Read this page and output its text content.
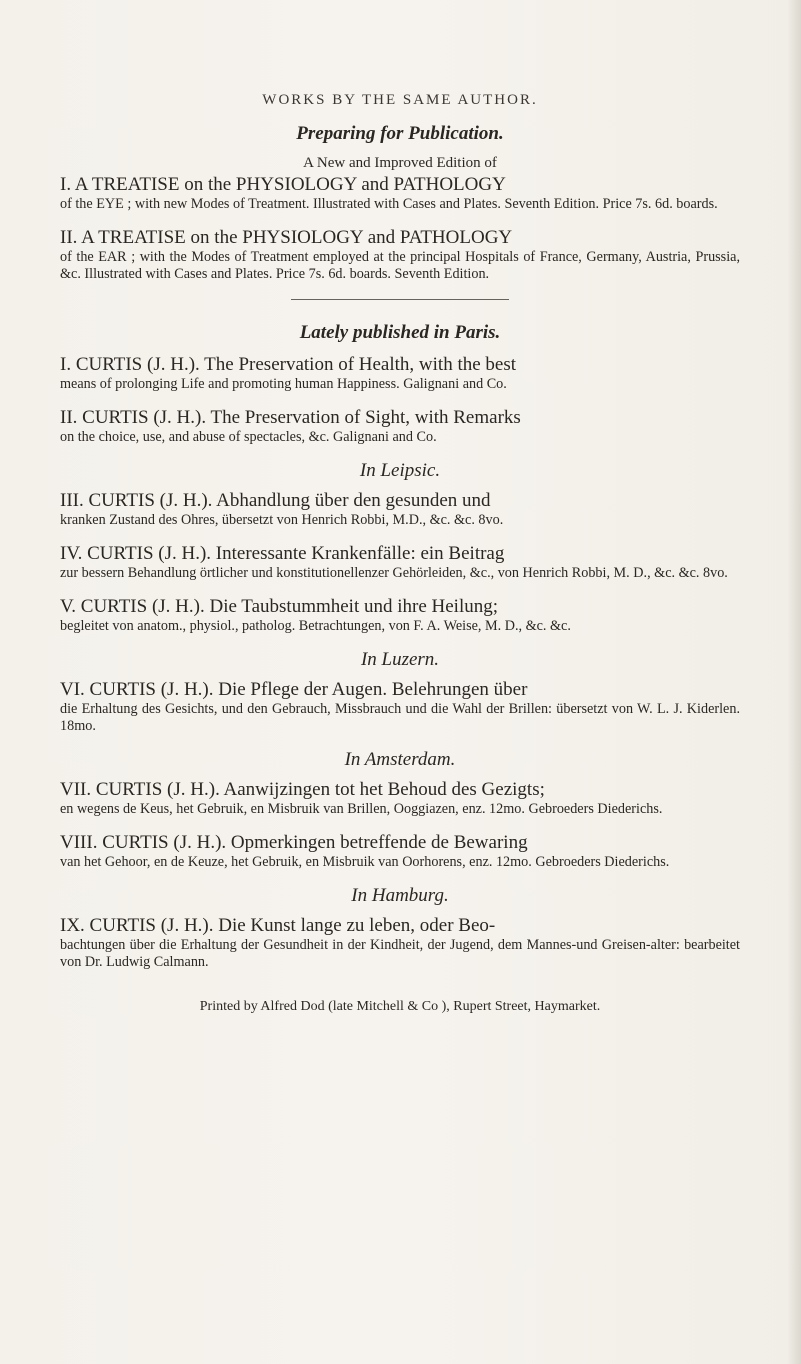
WORKS BY THE SAME AUTHOR.
Preparing for Publication.
A New and Improved Edition of
I. A TREATISE on the PHYSIOLOGY and PATHOLOGY
of the EYE ; with new Modes of Treatment. Illustrated with Cases and Plates. Seventh Edition. Price 7s. 6d. boards.
II. A TREATISE on the PHYSIOLOGY and PATHOLOGY
of the EAR ; with the Modes of Treatment employed at the principal Hospitals of France, Germany, Austria, Prussia, &c. Illustrated with Cases and Plates. Price 7s. 6d. boards. Seventh Edition.
Lately published in Paris.
I. CURTIS (J. H.). The Preservation of Health, with the best
means of prolonging Life and promoting human Happiness. Galignani and Co.
II. CURTIS (J. H.). The Preservation of Sight, with Remarks
on the choice, use, and abuse of spectacles, &c. Galignani and Co.
In Leipsic.
III. CURTIS (J. H.). Abhandlung über den gesunden und
kranken Zustand des Ohres, übersetzt von Henrich Robbi, M.D., &c. &c. 8vo.
IV. CURTIS (J. H.). Interessante Krankenfälle: ein Beitrag
zur bessern Behandlung örtlicher und konstitutionellenzer Gehörleiden, &c., von Henrich Robbi, M. D., &c. &c. 8vo.
V. CURTIS (J. H.). Die Taubstummheit und ihre Heilung;
begleitet von anatom., physiol., patholog. Betrachtungen, von F. A. Weise, M. D., &c. &c.
In Luzern.
VI. CURTIS (J. H.). Die Pflege der Augen. Belehrungen über
die Erhaltung des Gesichts, und den Gebrauch, Missbrauch und die Wahl der Brillen: übersetzt von W. L. J. Kiderlen. 18mo.
In Amsterdam.
VII. CURTIS (J. H.). Aanwijzingen tot het Behoud des Gezigts;
en wegens de Keus, het Gebruik, en Misbruik van Brillen, Ooggiazen, enz. 12mo. Gebroeders Diederichs.
VIII. CURTIS (J. H.). Opmerkingen betreffende de Bewaring
van het Gehoor, en de Keuze, het Gebruik, en Misbruik van Oorhorens, enz. 12mo. Gebroeders Diederichs.
In Hamburg.
IX. CURTIS (J. H.). Die Kunst lange zu leben, oder Beo-
bachtungen über die Erhaltung der Gesundheit in der Kindheit, der Jugend, dem Mannes-und Greisen-alter: bearbeitet von Dr. Ludwig Calmann.
Printed by Alfred Dod (late Mitchell & Co ), Rupert Street, Haymarket.
